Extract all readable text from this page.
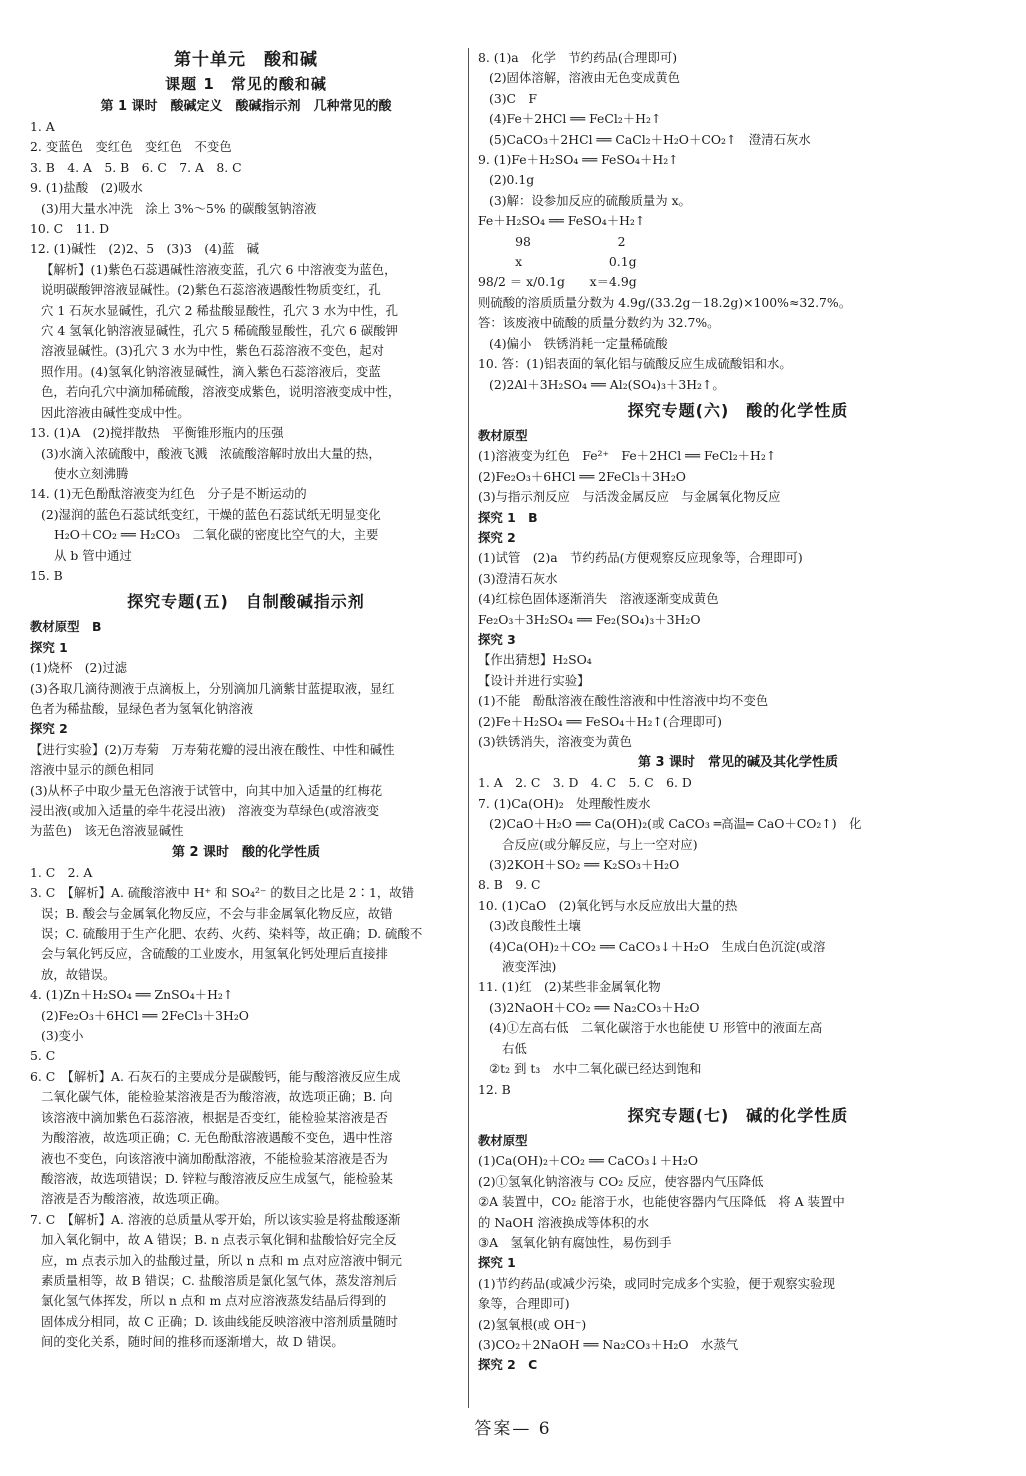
第十单元　酸和碱
课题 1　常见的酸和碱
第 1 课时　酸碱定义　酸碱指示剂　几种常见的酸
1. A
2. 变蓝色　变红色　变红色　不变色
3. B　4. A　5. B　6. C　7. A　8. C
9. (1)盐酸　(2)吸水
(3)用大量水冲洗　涂上 3%～5% 的碳酸氢钠溶液
10. C　11. D
12. (1)碱性　(2)2、5　(3)3　(4)蓝　碱
【解析】(1)紫色石蕊遇碱性溶液变蓝，孔穴 6 中溶液变为蓝色，
说明碳酸钾溶液显碱性。(2)紫色石蕊溶液遇酸性物质变红，孔
穴 1 石灰水显碱性，孔穴 2 稀盐酸显酸性，孔穴 3 水为中性，孔
穴 4 氢氧化钠溶液显碱性，孔穴 5 稀硫酸显酸性，孔穴 6 碳酸钾
溶液显碱性。(3)孔穴 3 水为中性，紫色石蕊溶液不变色，起对
照作用。(4)氢氧化钠溶液显碱性，滴入紫色石蕊溶液后，变蓝
色，若向孔穴中滴加稀硫酸，溶液变成紫色，说明溶液变成中性，
因此溶液由碱性变成中性。
13. (1)A　(2)搅拌散热　平衡锥形瓶内的压强
(3)水滴入浓硫酸中，酸液飞溅　浓硫酸溶解时放出大量的热，
使水立刻沸腾
14. (1)无色酚酞溶液变为红色　分子是不断运动的
(2)湿润的蓝色石蕊试纸变红，干燥的蓝色石蕊试纸无明显变化
H₂O＋CO₂ ══ H₂CO₃　二氧化碳的密度比空气的大，主要
从 b 管中通过
15. B
探究专题(五)　自制酸碱指示剂
教材原型　B
探究 1
(1)烧杯　(2)过滤
(3)各取几滴待测液于点滴板上，分别滴加几滴紫甘蓝提取液，显红
色者为稀盐酸，显绿色者为氢氧化钠溶液
探究 2
【进行实验】(2)万寿菊　万寿菊花瓣的浸出液在酸性、中性和碱性
溶液中显示的颜色相同
(3)从杯子中取少量无色溶液于试管中，向其中加入适量的红梅花
浸出液(或加入适量的牵牛花浸出液)　溶液变为草绿色(或溶液变
为蓝色)　该无色溶液显碱性
第 2 课时　酸的化学性质
1. C　2. A
3. C　【解析】A. 硫酸溶液中 H⁺ 和 SO₄²⁻ 的数目之比是 2∶1，故错
误；B. 酸会与金属氧化物反应，不会与非金属氧化物反应，故错
误；C. 硫酸用于生产化肥、农药、火药、染料等，故正确；D. 硫酸不
会与氧化钙反应，含硫酸的工业废水，用氢氧化钙处理后直接排
放，故错误。
4. (1)Zn＋H₂SO₄ ══ ZnSO₄＋H₂↑
(2)Fe₂O₃＋6HCl ══ 2FeCl₃＋3H₂O
(3)变小
5. C
6. C　【解析】A. 石灰石的主要成分是碳酸钙，能与酸溶液反应生成
二氧化碳气体，能检验某溶液是否为酸溶液，故选项正确；B. 向
该溶液中滴加紫色石蕊溶液，根据是否变红，能检验某溶液是否
为酸溶液，故选项正确；C. 无色酚酞溶液遇酸不变色，遇中性溶
液也不变色，向该溶液中滴加酚酞溶液，不能检验某溶液是否为
酸溶液，故选项错误；D. 锌粒与酸溶液反应生成氢气，能检验某
溶液是否为酸溶液，故选项正确。
7. C　【解析】A. 溶液的总质量从零开始，所以该实验是将盐酸逐渐
加入氧化铜中，故 A 错误；B. n 点表示氧化铜和盐酸恰好完全反
应，m 点表示加入的盐酸过量，所以 n 点和 m 点对应溶液中铜元
素质量相等，故 B 错误；C. 盐酸溶质是氯化氢气体，蒸发溶剂后
氯化氢气体挥发，所以 n 点和 m 点对应溶液蒸发结晶后得到的
固体成分相同，故 C 正确；D. 该曲线能反映溶液中溶剂质量随时
间的变化关系，随时间的推移而逐渐增大，故 D 错误。
8. (1)a　化学　节约药品(合理即可)
(2)固体溶解，溶液由无色变成黄色
(3)C　F
(4)Fe＋2HCl ══ FeCl₂＋H₂↑
(5)CaCO₃＋2HCl ══ CaCl₂＋H₂O＋CO₂↑　澄清石灰水
9. (1)Fe＋H₂SO₄ ══ FeSO₄＋H₂↑
(2)0.1g
(3)解：设参加反应的硫酸质量为 x。
Fe＋H₂SO₄ ══ FeSO₄＋H₂↑
　　　98　　　　　　　2
　　　x　　　　　　　0.1g
98/2 ＝ x/0.1g　　x＝4.9g
则硫酸的溶质质量分数为 4.9g/(33.2g－18.2g)×100%≈32.7%。
答：该废液中硫酸的质量分数约为 32.7%。
(4)偏小　铁锈消耗一定量稀硫酸
10. 答：(1)铝表面的氧化铝与硫酸反应生成硫酸铝和水。
(2)2Al＋3H₂SO₄ ══ Al₂(SO₄)₃＋3H₂↑。
探究专题(六)　酸的化学性质
教材原型
(1)溶液变为红色　Fe²⁺　Fe＋2HCl ══ FeCl₂＋H₂↑
(2)Fe₂O₃＋6HCl ══ 2FeCl₃＋3H₂O
(3)与指示剂反应　与活泼金属反应　与金属氧化物反应
探究 1　B
探究 2
(1)试管　(2)a　节约药品(方便观察反应现象等，合理即可)
(3)澄清石灰水
(4)红棕色固体逐渐消失　溶液逐渐变成黄色
Fe₂O₃＋3H₂SO₄ ══ Fe₂(SO₄)₃＋3H₂O
探究 3
【作出猜想】H₂SO₄
【设计并进行实验】
(1)不能　酚酞溶液在酸性溶液和中性溶液中均不变色
(2)Fe＋H₂SO₄ ══ FeSO₄＋H₂↑(合理即可)
(3)铁锈消失，溶液变为黄色
第 3 课时　常见的碱及其化学性质
1. A　2. C　3. D　4. C　5. C　6. D
7. (1)Ca(OH)₂　处理酸性废水
(2)CaO＋H₂O ══ Ca(OH)₂(或 CaCO₃ ═高温═ CaO＋CO₂↑)　化
合反应(或分解反应，与上一空对应)
(3)2KOH＋SO₂ ══ K₂SO₃＋H₂O
8. B　9. C
10. (1)CaO　(2)氧化钙与水反应放出大量的热
(3)改良酸性土壤
(4)Ca(OH)₂＋CO₂ ══ CaCO₃↓＋H₂O　生成白色沉淀(或溶
液变浑浊)
11. (1)红　(2)某些非金属氧化物
(3)2NaOH＋CO₂ ══ Na₂CO₃＋H₂O
(4)①左高右低　二氧化碳溶于水也能使 U 形管中的液面左高
右低
②t₂ 到 t₃　水中二氧化碳已经达到饱和
12. B
探究专题(七)　碱的化学性质
教材原型
(1)Ca(OH)₂＋CO₂ ══ CaCO₃↓＋H₂O
(2)①氢氧化钠溶液与 CO₂ 反应，使容器内气压降低
②A 装置中，CO₂ 能溶于水，也能使容器内气压降低　将 A 装置中
的 NaOH 溶液换成等体积的水
③A　氢氧化钠有腐蚀性，易伤到手
探究 1
(1)节约药品(或减少污染，或同时完成多个实验，便于观察实验现
象等，合理即可)
(2)氢氧根(或 OH⁻)
(3)CO₂＋2NaOH ══ Na₂CO₃＋H₂O　水蒸气
探究 2　C
答案— 6
